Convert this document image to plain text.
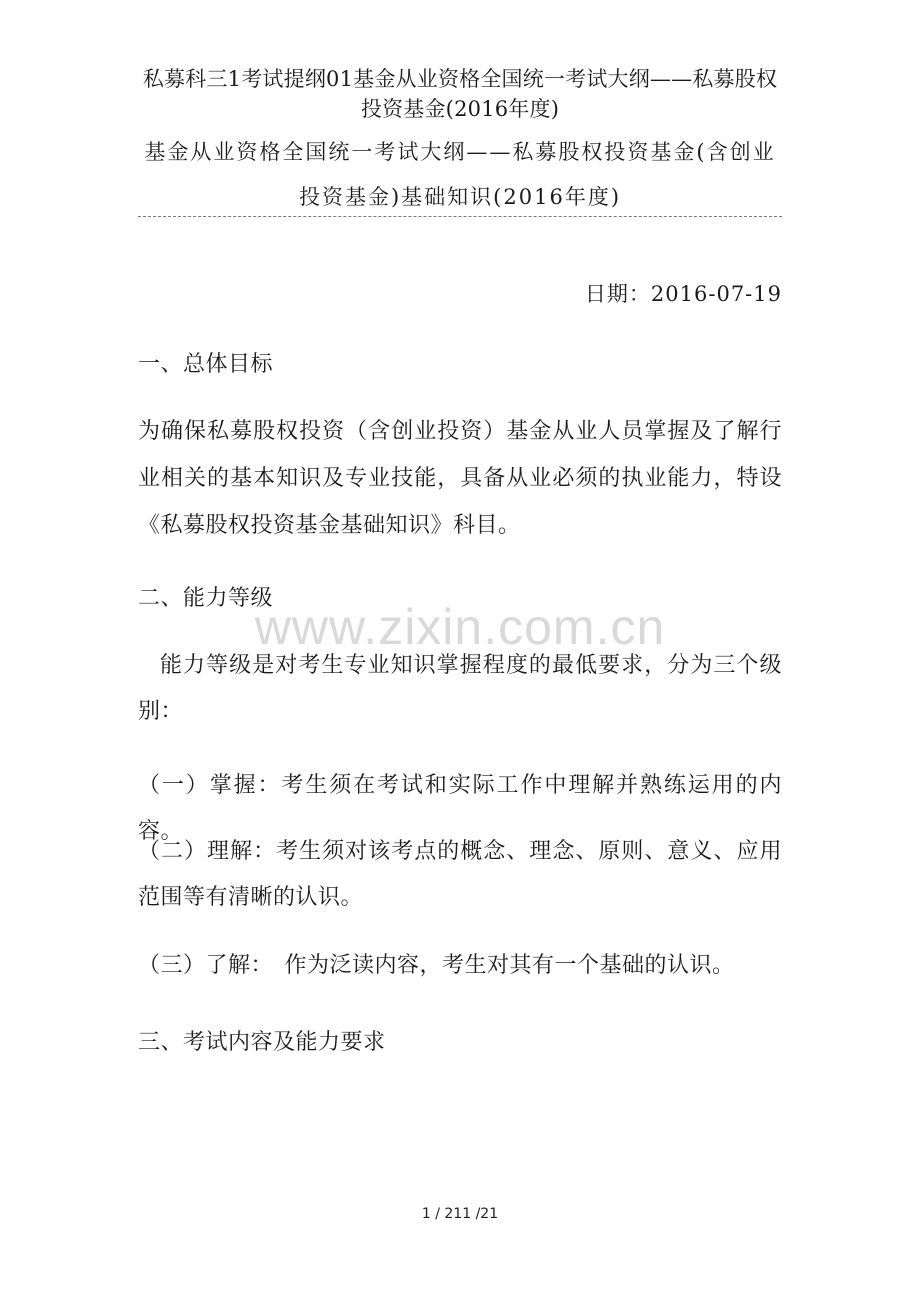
私募科三1考试提纲01基金从业资格全国统一考试大纲——私募股权投资基金(2016年度)
基金从业资格全国统一考试大纲——私募股权投资基金(含创业投资基金)基础知识(2016年度)
日期：2016-07-19
一、总体目标
为确保私募股权投资（含创业投资）基金从业人员掌握及了解行业相关的基本知识及专业技能，具备从业必须的执业能力，特设《私募股权投资基金基础知识》科目。
二、能力等级
能力等级是对考生专业知识掌握程度的最低要求，分为三个级别：
（一）掌握：考生须在考试和实际工作中理解并熟练运用的内容。
（二）理解：考生须对该考点的概念、理念、原则、意义、应用范围等有清晰的认识。
（三）了解：　作为泛读内容，考生对其有一个基础的认识。
三、考试内容及能力要求
www.zixin.com.cn
1 / 211 /21
